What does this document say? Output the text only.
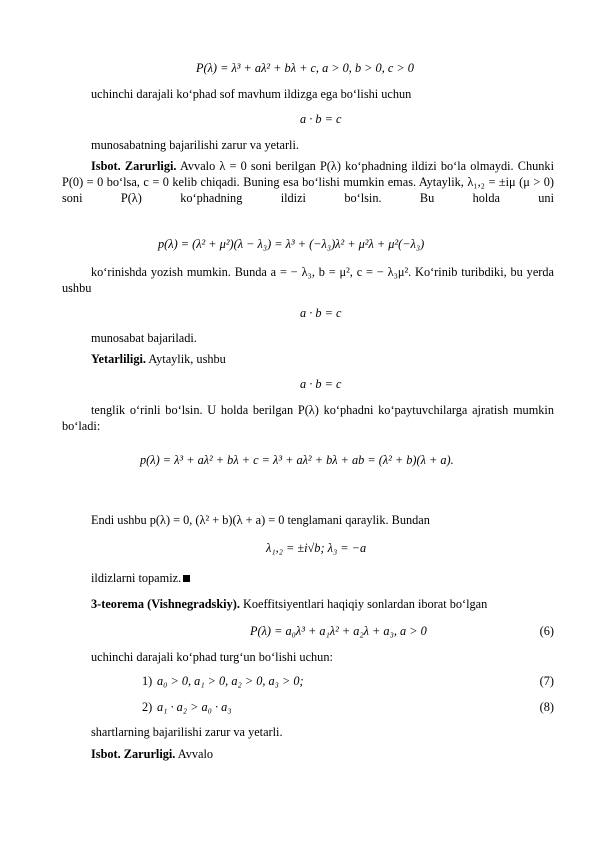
P(λ) = λ³ + aλ² + bλ + c, a > 0, b > 0, c > 0
uchinchi darajali ko‘phad sof mavhum ildizga ega bo‘lishi uchun
a · b = c
munosabatning bajarilishi zarur va yetarli.
Isbot. Zarurligi. Avvalo λ = 0 soni berilgan P(λ) ko‘phadning ildizi bo‘la olmaydi. Chunki P(0) = 0 bo‘lsa, c = 0 kelib chiqadi. Buning esa bo‘lishi mumkin emas. Aytaylik, λ₁,₂ = ±iμ (μ > 0) soni P(λ) ko‘phadning ildizi bo‘lsin. Bu holda uni
p(λ) = (λ² + μ²)(λ − λ₃) = λ³ + (−λ₃)λ² + μ²λ + μ²(−λ₃)
ko‘rinishda yozish mumkin. Bunda a = − λ₃, b = μ², c = − λ₃μ². Ko‘rinib turibdiki, bu yerda ushbu
a · b = c
munosabat bajariladi.
Yetarliligi. Aytaylik, ushbu
a · b = c
tenglik o‘rinli bo‘lsin. U holda berilgan P(λ) ko‘phadni ko‘paytuvchilarga ajratish mumkin bo‘ladi:
p(λ) = λ³ + aλ² + bλ + c = λ³ + aλ² + bλ + ab = (λ² + b)(λ + a).
Endi ushbu p(λ) = 0, (λ² + b)(λ + a) = 0 tenglamani qaraylik. Bundan
λ₁,₂ = ±i√b; λ₃ = −a
ildizlarni topamiz.
3-teorema (Vishnegradskiy). Koeffitsiyentlari haqiqiy sonlardan iborat bo‘lgan
P(λ) = a₀λ³ + a₁λ² + a₂λ + a₃, a > 0	(6)
uchinchi darajali ko‘phad turg‘un bo‘lishi uchun:
1) a₀ > 0, a₁ > 0, a₂ > 0, a₃ > 0;	(7)
2) a₁ · a₂ > a₀ · a₃	(8)
shartlarning bajarilishi zarur va yetarli.
Isbot. Zarurligi. Avvalo
